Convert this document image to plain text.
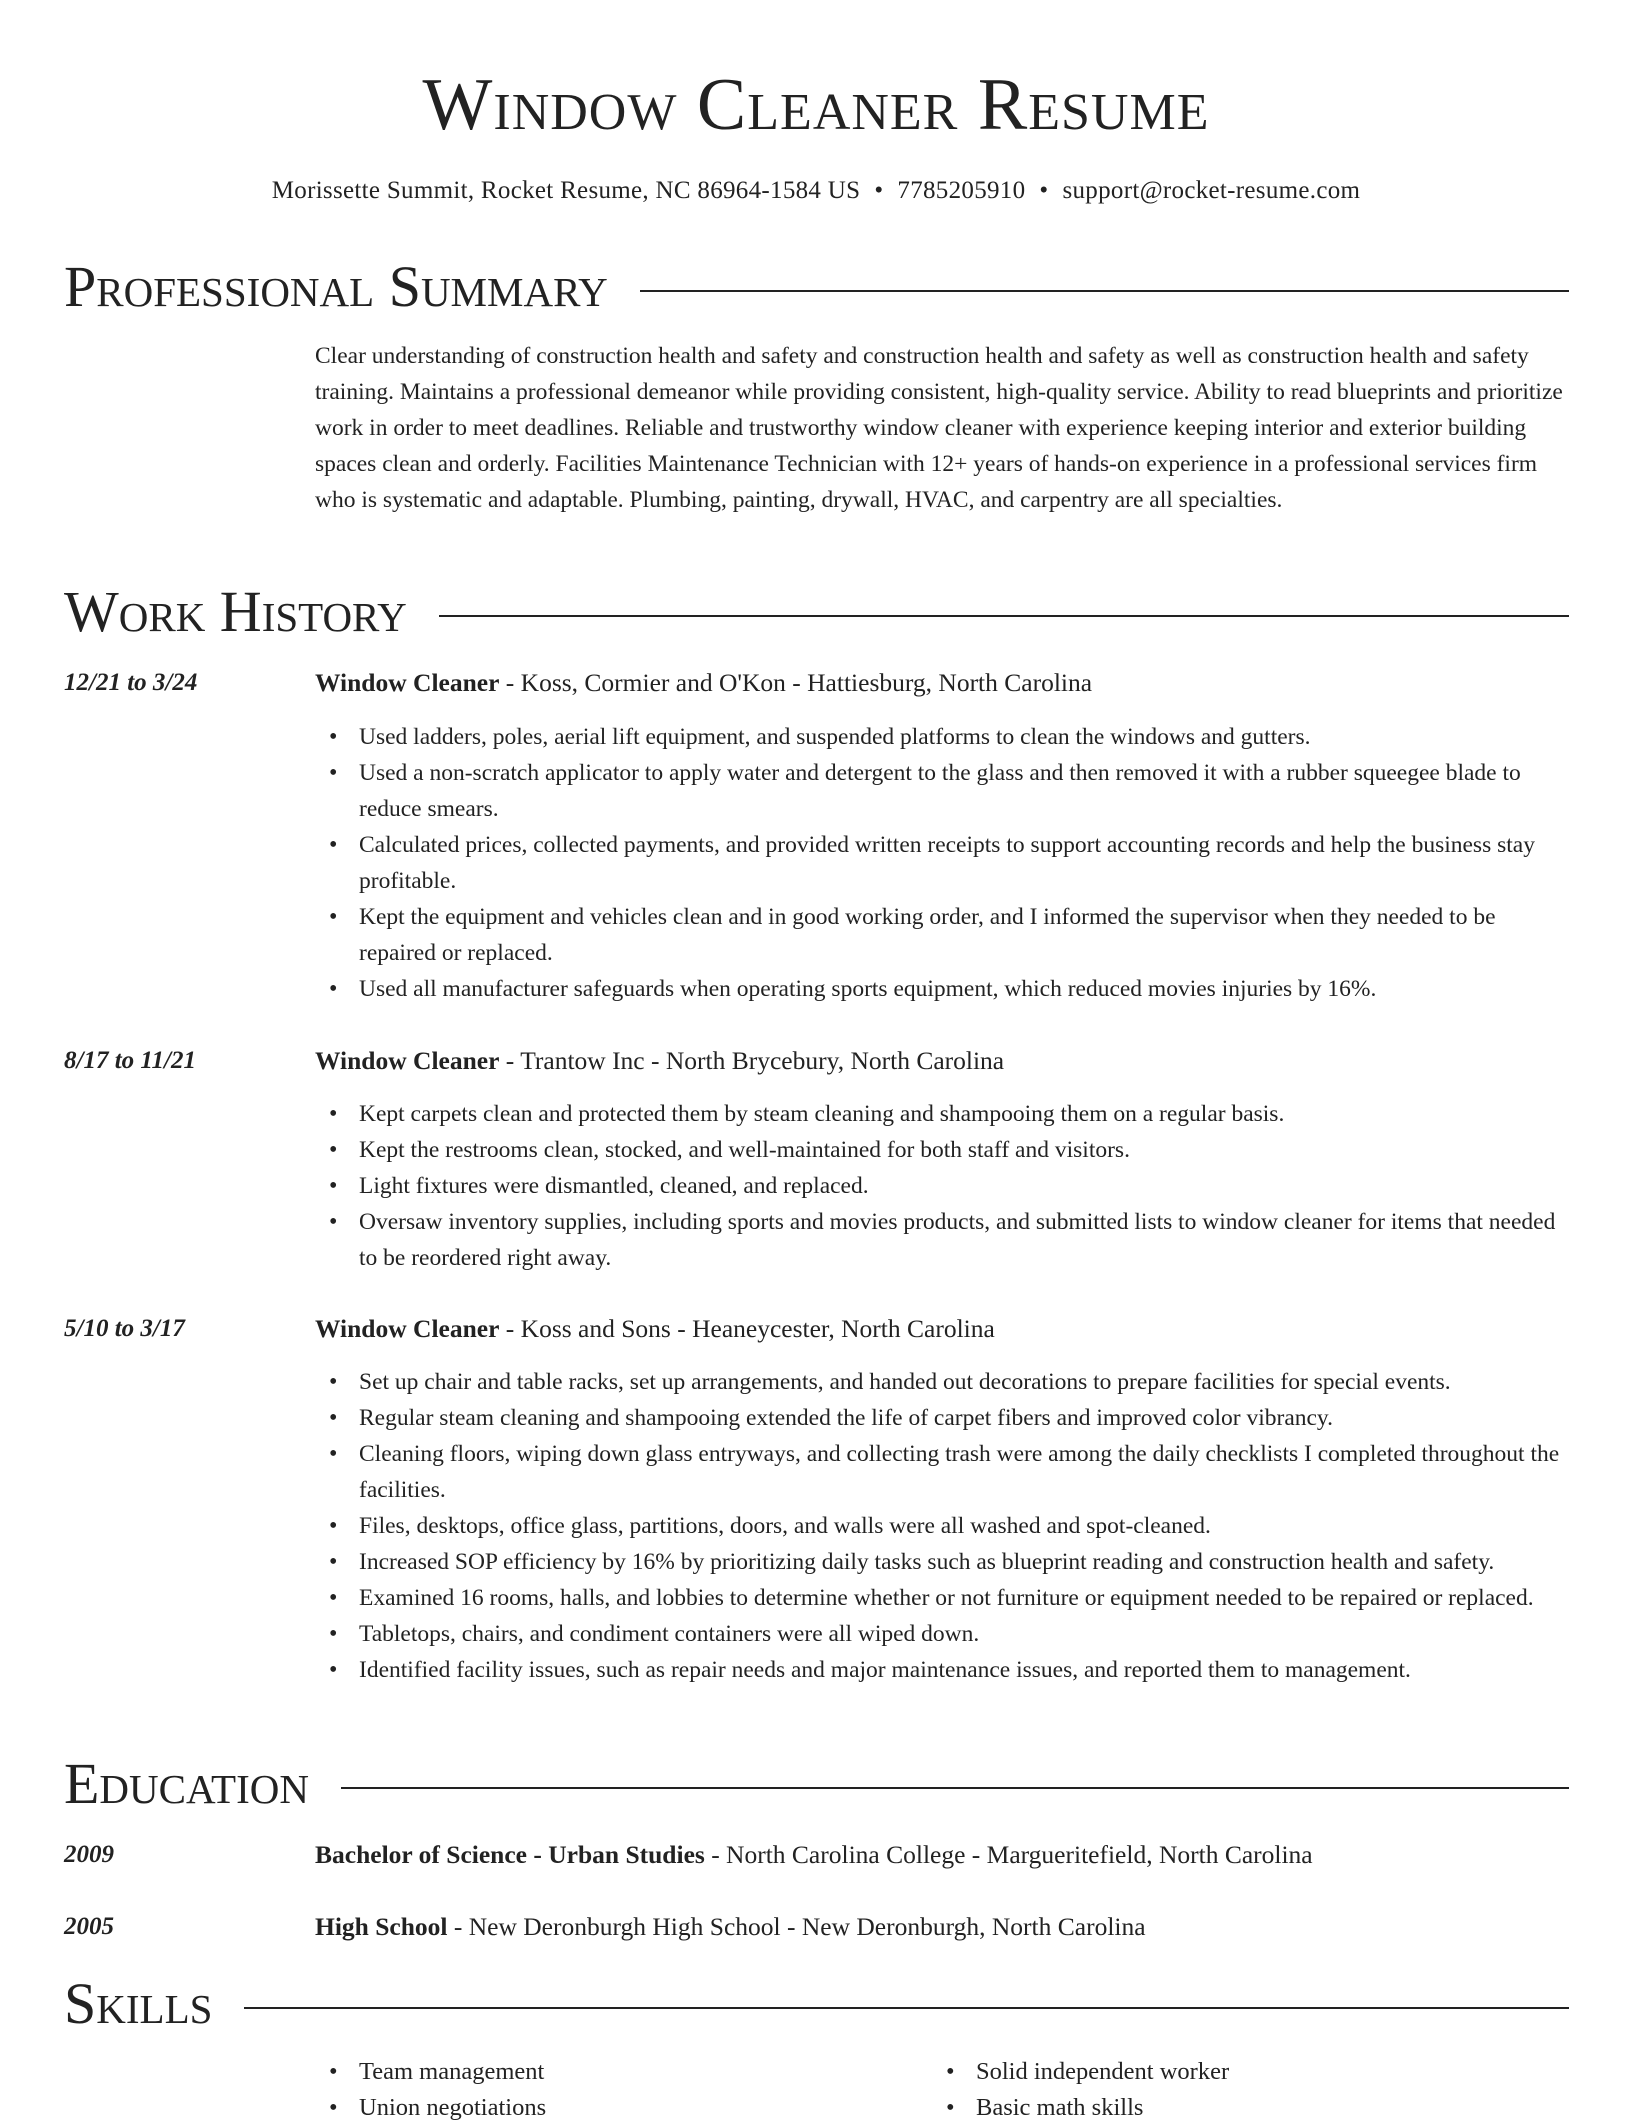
Window Cleaner Resume
Morissette Summit, Rocket Resume, NC 86964-1584 US • 7785205910 • support@rocket-resume.com
Professional Summary

Clear understanding of construction health and safety and construction health and safety as well as construction health and safety training. Maintains a professional demeanor while providing consistent, high-quality service. Ability to read blueprints and prioritize work in order to meet deadlines. Reliable and trustworthy window cleaner with experience keeping interior and exterior building spaces clean and orderly. Facilities Maintenance Technician with 12+ years of hands-on experience in a professional services firm who is systematic and adaptable. Plumbing, painting, drywall, HVAC, and carpentry are all specialties.

Work History
12/21 to 3/24	Window Cleaner - Koss, Cormier and O'Kon - Hattiesburg, North Carolina
• Used ladders, poles, aerial lift equipment, and suspended platforms to clean the windows and gutters.
• Used a non-scratch applicator to apply water and detergent to the glass and then removed it with a rubber squeegee blade to reduce smears.
• Calculated prices, collected payments, and provided written receipts to support accounting records and help the business stay profitable.
• Kept the equipment and vehicles clean and in good working order, and I informed the supervisor when they needed to be repaired or replaced.
• Used all manufacturer safeguards when operating sports equipment, which reduced movies injuries by 16%.
8/17 to 11/21	Window Cleaner - Trantow Inc - North Brycebury, North Carolina
• Kept carpets clean and protected them by steam cleaning and shampooing them on a regular basis.
• Kept the restrooms clean, stocked, and well-maintained for both staff and visitors.
• Light fixtures were dismantled, cleaned, and replaced.
• Oversaw inventory supplies, including sports and movies products, and submitted lists to window cleaner for items that needed to be reordered right away.
5/10 to 3/17	Window Cleaner - Koss and Sons - Heaneycester, North Carolina
• Set up chair and table racks, set up arrangements, and handed out decorations to prepare facilities for special events.
• Regular steam cleaning and shampooing extended the life of carpet fibers and improved color vibrancy.
• Cleaning floors, wiping down glass entryways, and collecting trash were among the daily checklists I completed throughout the facilities.
• Files, desktops, office glass, partitions, doors, and walls were all washed and spot-cleaned.
• Increased SOP efficiency by 16% by prioritizing daily tasks such as blueprint reading and construction health and safety.
• Examined 16 rooms, halls, and lobbies to determine whether or not furniture or equipment needed to be repaired or replaced.
• Tabletops, chairs, and condiment containers were all wiped down.
• Identified facility issues, such as repair needs and major maintenance issues, and reported them to management.
Education
2009	Bachelor of Science - Urban Studies - North Carolina College - Margueritefield, North Carolina
2005	High School - New Deronburgh High School - New Deronburgh, North Carolina
Skills
• Team management
• Union negotiations
• Solid independent worker
• Basic math skills
